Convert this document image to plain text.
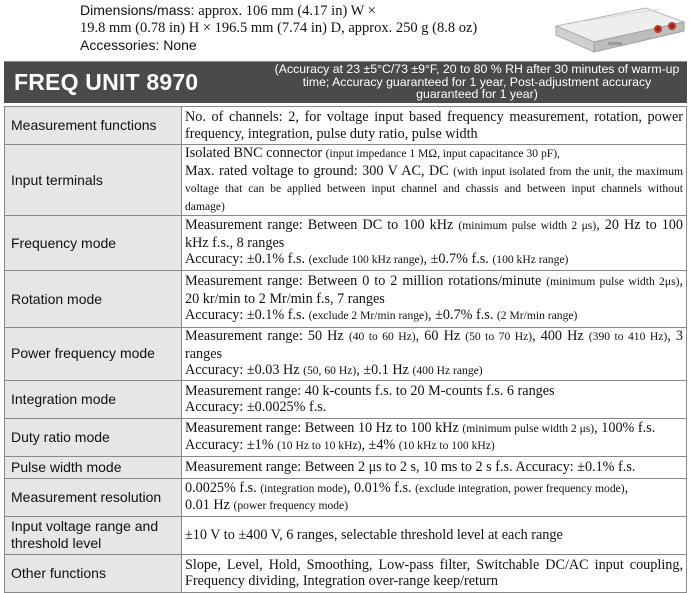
Dimensions/mass: approx. 106 mm (4.17 in) W ×
19.8 mm (0.78 in) H × 196.5 mm (7.74 in) D, approx. 250 g (8.8 oz)
Accessories: None
FREQ UNIT 8970	(Accuracy at 23 ±5°C/73 ±9°F, 20 to 80 % RH after 30 minutes of warm-up time; Accuracy guaranteed for 1 year, Post-adjustment accuracy guaranteed for 1 year)
Measurement functions	No. of channels: 2, for voltage input based frequency measurement, rotation, power frequency, integration, pulse duty ratio, pulse width
Input terminals	Isolated BNC connector (input impedance 1 MΩ, input capacitance 30 pF),
Max. rated voltage to ground: 300 V AC, DC (with input isolated from the unit, the maximum voltage that can be applied between input channel and chassis and between input channels without damage)
Frequency mode	Measurement range: Between DC to 100 kHz (minimum pulse width 2 μs), 20 Hz to 100 kHz f.s., 8 ranges
Accuracy: ±0.1% f.s. (exclude 100 kHz range), ±0.7% f.s. (100 kHz range)
Rotation mode	Measurement range: Between 0 to 2 million rotations/minute (minimum pulse width 2μs), 20 kr/min to 2 Mr/min f.s, 7 ranges
Accuracy: ±0.1% f.s. (exclude 2 Mr/min range), ±0.7% f.s. (2 Mr/min range)
Power frequency mode	Measurement range: 50 Hz (40 to 60 Hz), 60 Hz (50 to 70 Hz), 400 Hz (390 to 410 Hz), 3 ranges
Accuracy: ±0.03 Hz (50, 60 Hz), ±0.1 Hz (400 Hz range)
Integration mode	Measurement range: 40 k-counts f.s. to 20 M-counts f.s. 6 ranges
Accuracy: ±0.0025% f.s.
Duty ratio mode	Measurement range: Between 10 Hz to 100 kHz (minimum pulse width 2 μs), 100% f.s.
Accuracy: ±1% (10 Hz to 10 kHz), ±4% (10 kHz to 100 kHz)
Pulse width mode	Measurement range: Between 2 μs to 2 s, 10 ms to 2 s f.s. Accuracy: ±0.1% f.s.
Measurement resolution	0.0025% f.s. (integration mode), 0.01% f.s. (exclude integration, power frequency mode),
0.01 Hz (power frequency mode)
Input voltage range and threshold level	±10 V to ±400 V, 6 ranges, selectable threshold level at each range
Other functions	Slope, Level, Hold, Smoothing, Low-pass filter, Switchable DC/AC input coupling, Frequency dividing, Integration over-range keep/return
